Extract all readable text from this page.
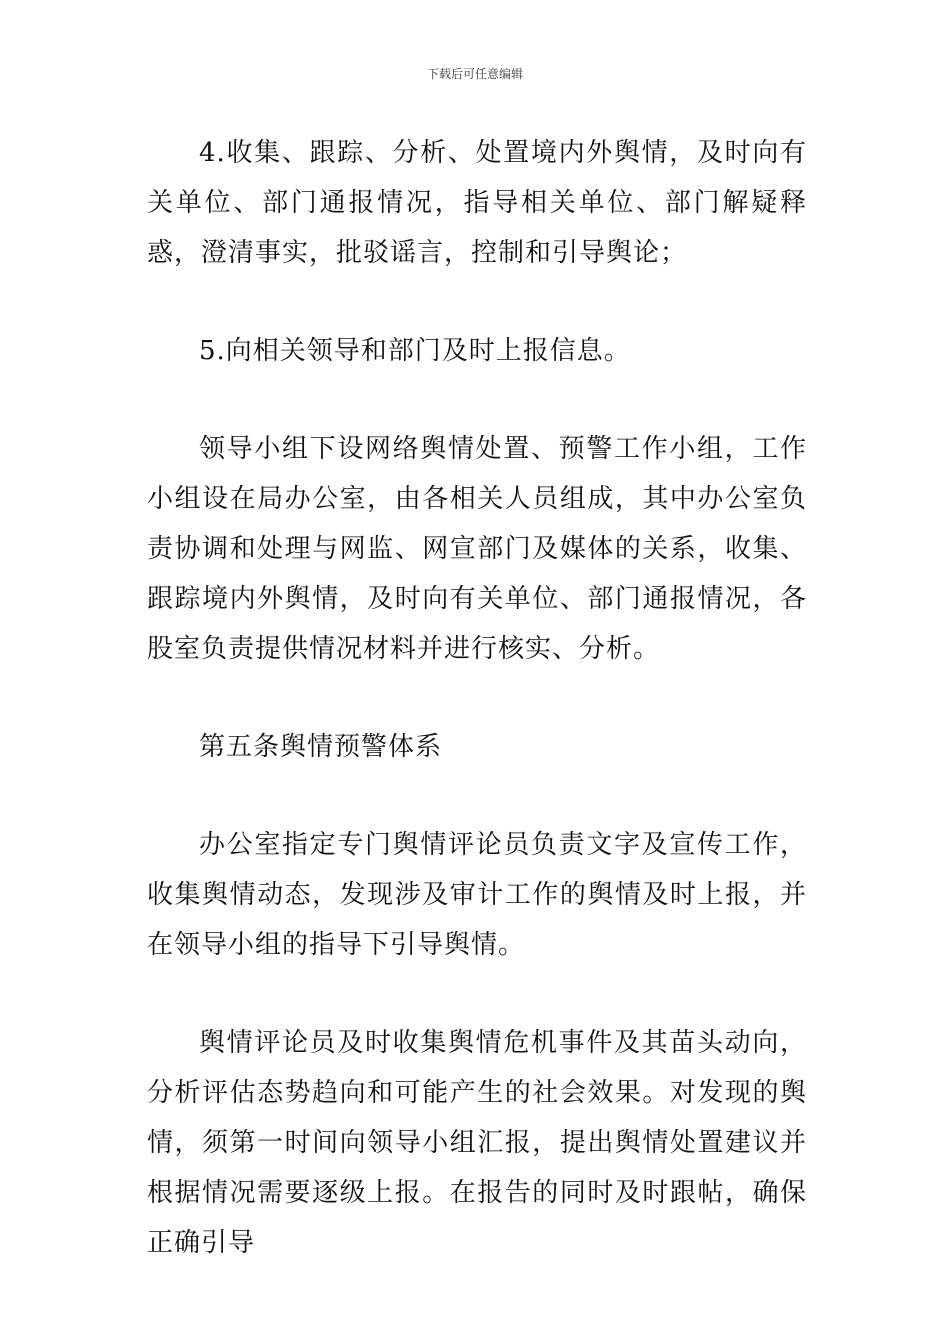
下载后可任意编辑

4.收集、跟踪、分析、处置境内外舆情，及时向有关单位、部门通报情况，指导相关单位、部门解疑释惑，澄清事实，批驳谣言，控制和引导舆论；

5.向相关领导和部门及时上报信息。

领导小组下设网络舆情处置、预警工作小组，工作小组设在局办公室，由各相关人员组成，其中办公室负责协调和处理与网监、网宣部门及媒体的关系，收集、跟踪境内外舆情，及时向有关单位、部门通报情况，各股室负责提供情况材料并进行核实、分析。

第五条舆情预警体系

办公室指定专门舆情评论员负责文字及宣传工作，收集舆情动态，发现涉及审计工作的舆情及时上报，并在领导小组的指导下引导舆情。

舆情评论员及时收集舆情危机事件及其苗头动向，分析评估态势趋向和可能产生的社会效果。对发现的舆情，须第一时间向领导小组汇报，提出舆情处置建议并根据情况需要逐级上报。在报告的同时及时跟帖，确保正确引导
